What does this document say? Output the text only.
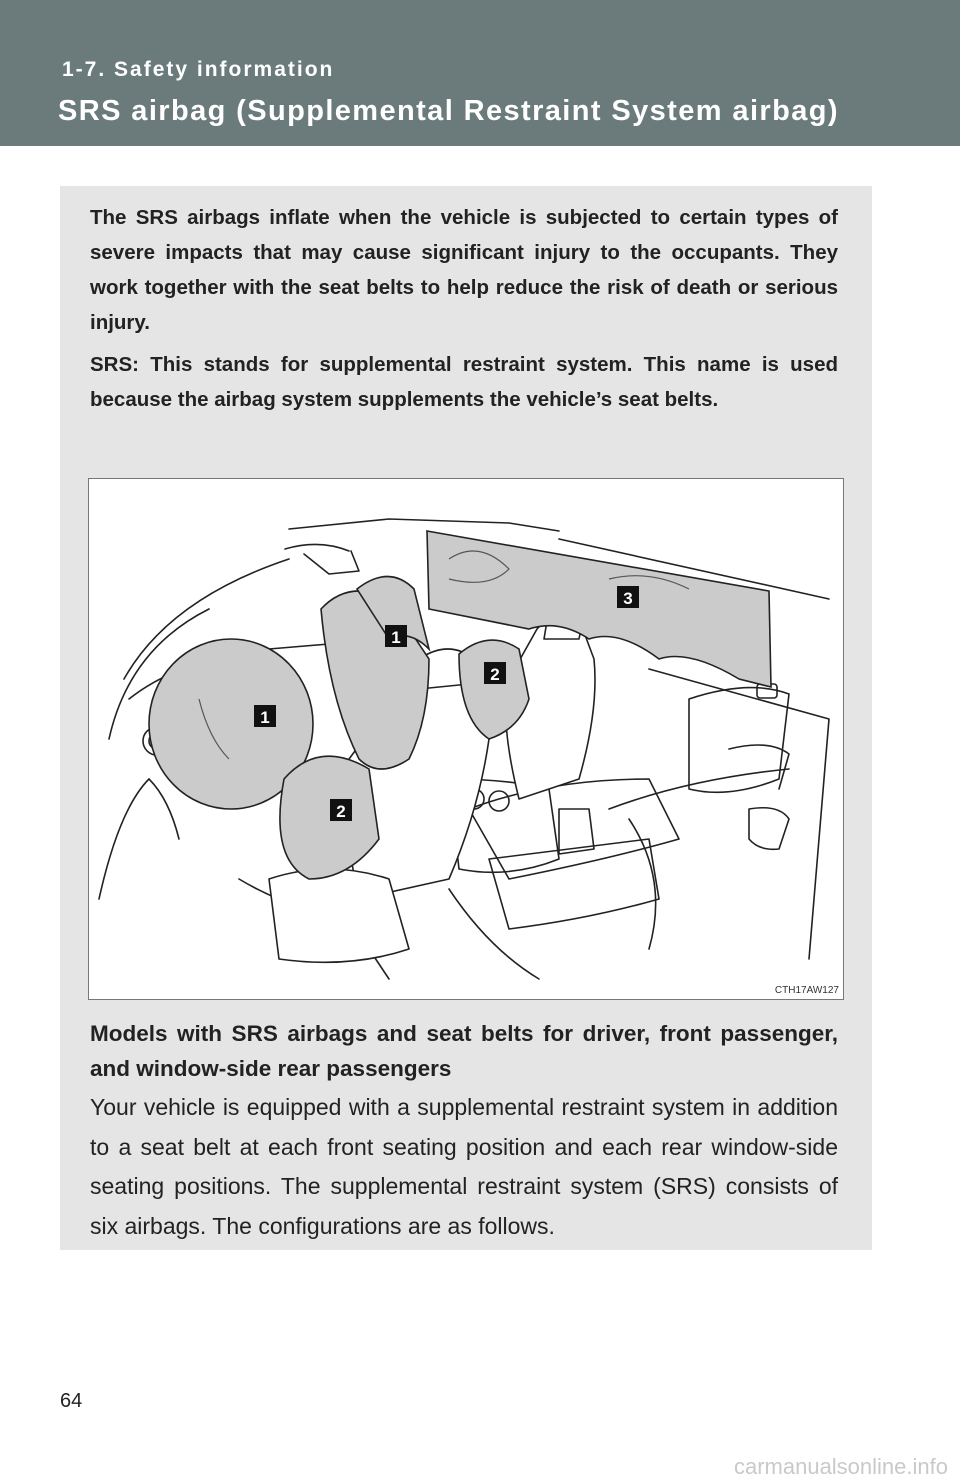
1-7. Safety information
SRS airbag (Supplemental Restraint System airbag)

The SRS airbags inflate when the vehicle is subjected to certain types of severe impacts that may cause significant injury to the occupants. They work together with the seat belts to help reduce the risk of death or serious injury.

SRS: This stands for supplemental restraint system. This name is used because the airbag system supplements the vehicle’s seat belts.

1
1
2
2
3
CTH17AW127
Models with SRS airbags and seat belts for driver, front passenger, and window-side rear passengers
Your vehicle is equipped with a supplemental restraint system in addition to a seat belt at each front seating position and each rear window-side seating positions. The supplemental restraint system (SRS) consists of six airbags. The configurations are as follows.
64
carmanualsonline.info
